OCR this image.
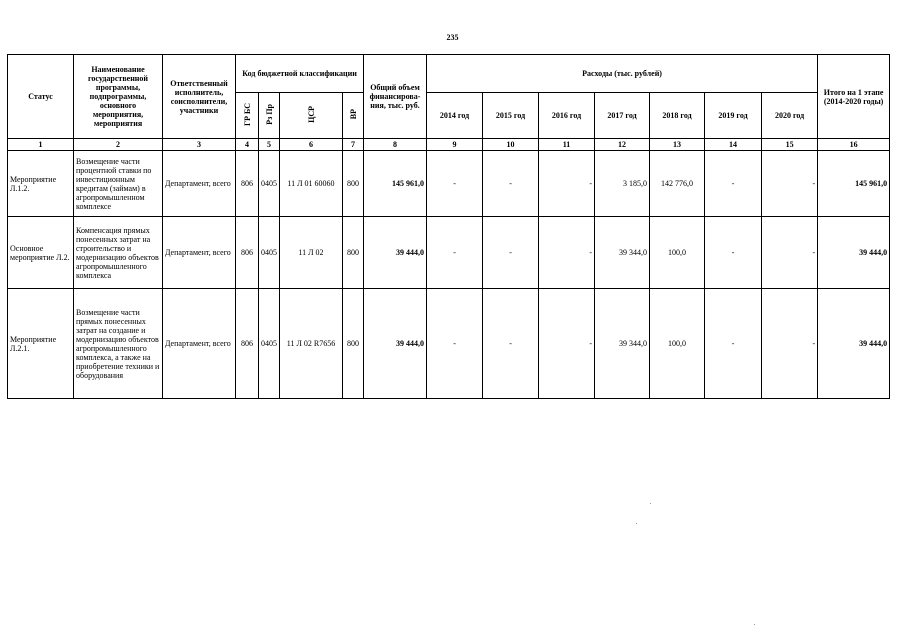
235
Статус	Наименование государственной программы, подпрограммы, основного мероприятия, мероприятия	Ответственный исполнитель, соисполнители, участники	Код бюджетной классификации				Общий объем финансирова-ния, тыс. руб.	Расходы (тыс. рублей)							Итого на 1 этапе (2014-2020 годы)
			ГР БС	Рз Пр	ЦСР	ВР		2014 год	2015 год	2016 год	2017 год	2018 год	2019 год	2020 год	
1	2	3	4	5	6	7	8	9	10	11	12	13	14	15	16
Мероприятие Л.1.2.	Возмещение части процентной ставки по инвестиционным кредитам (займам) в агропромышленном комплексе	Департамент, всего	806	0405	11 Л 01 60060	800	145 961,0	-	-	-	3 185,0	142 776,0	-	-	145 961,0
Основное мероприятие Л.2.	Компенсация прямых понесенных затрат на строительство и модернизацию объектов агропромышленного комплекса	Департамент, всего	806	0405	11 Л 02	800	39 444,0	-	-	-	39 344,0	100,0	-	-	39 444,0
Мероприятие Л.2.1.	Возмещение части прямых понесенных затрат на создание и модернизацию объектов агропромышленного комплекса, а также на приобретение техники и оборудования	Департамент, всего	806	0405	11 Л 02 R7656	800	39 444,0	-	-	-	39 344,0	100,0	-	-	39 444,0
